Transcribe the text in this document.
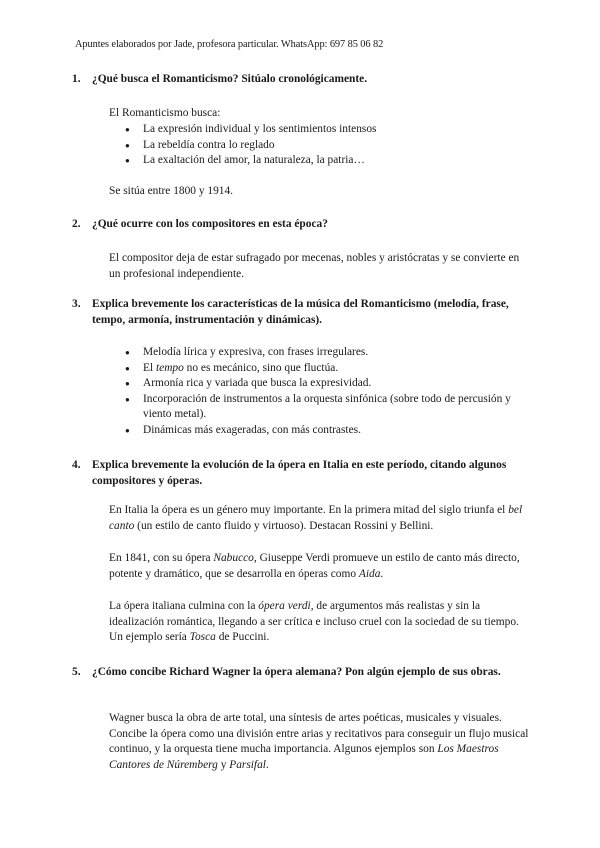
Apuntes elaborados por Jade, profesora particular. WhatsApp: 697 85 06 82
1. ¿Qué busca el Romanticismo? Sitúalo cronológicamente.
El Romanticismo busca:
● La expresión individual y los sentimientos intensos
● La rebeldía contra lo reglado
● La exaltación del amor, la naturaleza, la patria…
Se sitúa entre 1800 y 1914.
2. ¿Qué ocurre con los compositores en esta época?
El compositor deja de estar sufragado por mecenas, nobles y aristócratas y se convierte en un profesional independiente.
3. Explica brevemente los características de la música del Romanticismo (melodía, frase, tempo, armonía, instrumentación y dinámicas).
● Melodía lírica y expresiva, con frases irregulares.
● El tempo no es mecánico, sino que fluctúa.
● Armonía rica y variada que busca la expresividad.
● Incorporación de instrumentos a la orquesta sinfónica (sobre todo de percusión y viento metal).
● Dinámicas más exageradas, con más contrastes.
4. Explica brevemente la evolución de la ópera en Italia en este período, citando algunos compositores y óperas.
En Italia la ópera es un género muy importante. En la primera mitad del siglo triunfa el bel canto (un estilo de canto fluido y virtuoso). Destacan Rossini y Bellini.
En 1841, con su ópera Nabucco, Giuseppe Verdi promueve un estilo de canto más directo, potente y dramático, que se desarrolla en óperas como Aida.
La ópera italiana culmina con la ópera verdi, de argumentos más realistas y sin la idealización romántica, llegando a ser crítica e incluso cruel con la sociedad de su tiempo. Un ejemplo sería Tosca de Puccini.
5. ¿Cómo concibe Richard Wagner la ópera alemana? Pon algún ejemplo de sus obras.
Wagner busca la obra de arte total, una síntesis de artes poéticas, musicales y visuales. Concibe la ópera como una división entre arias y recitativos para conseguir un flujo musical continuo, y la orquesta tiene mucha importancia. Algunos ejemplos son Los Maestros Cantores de Núremberg y Parsifal.
